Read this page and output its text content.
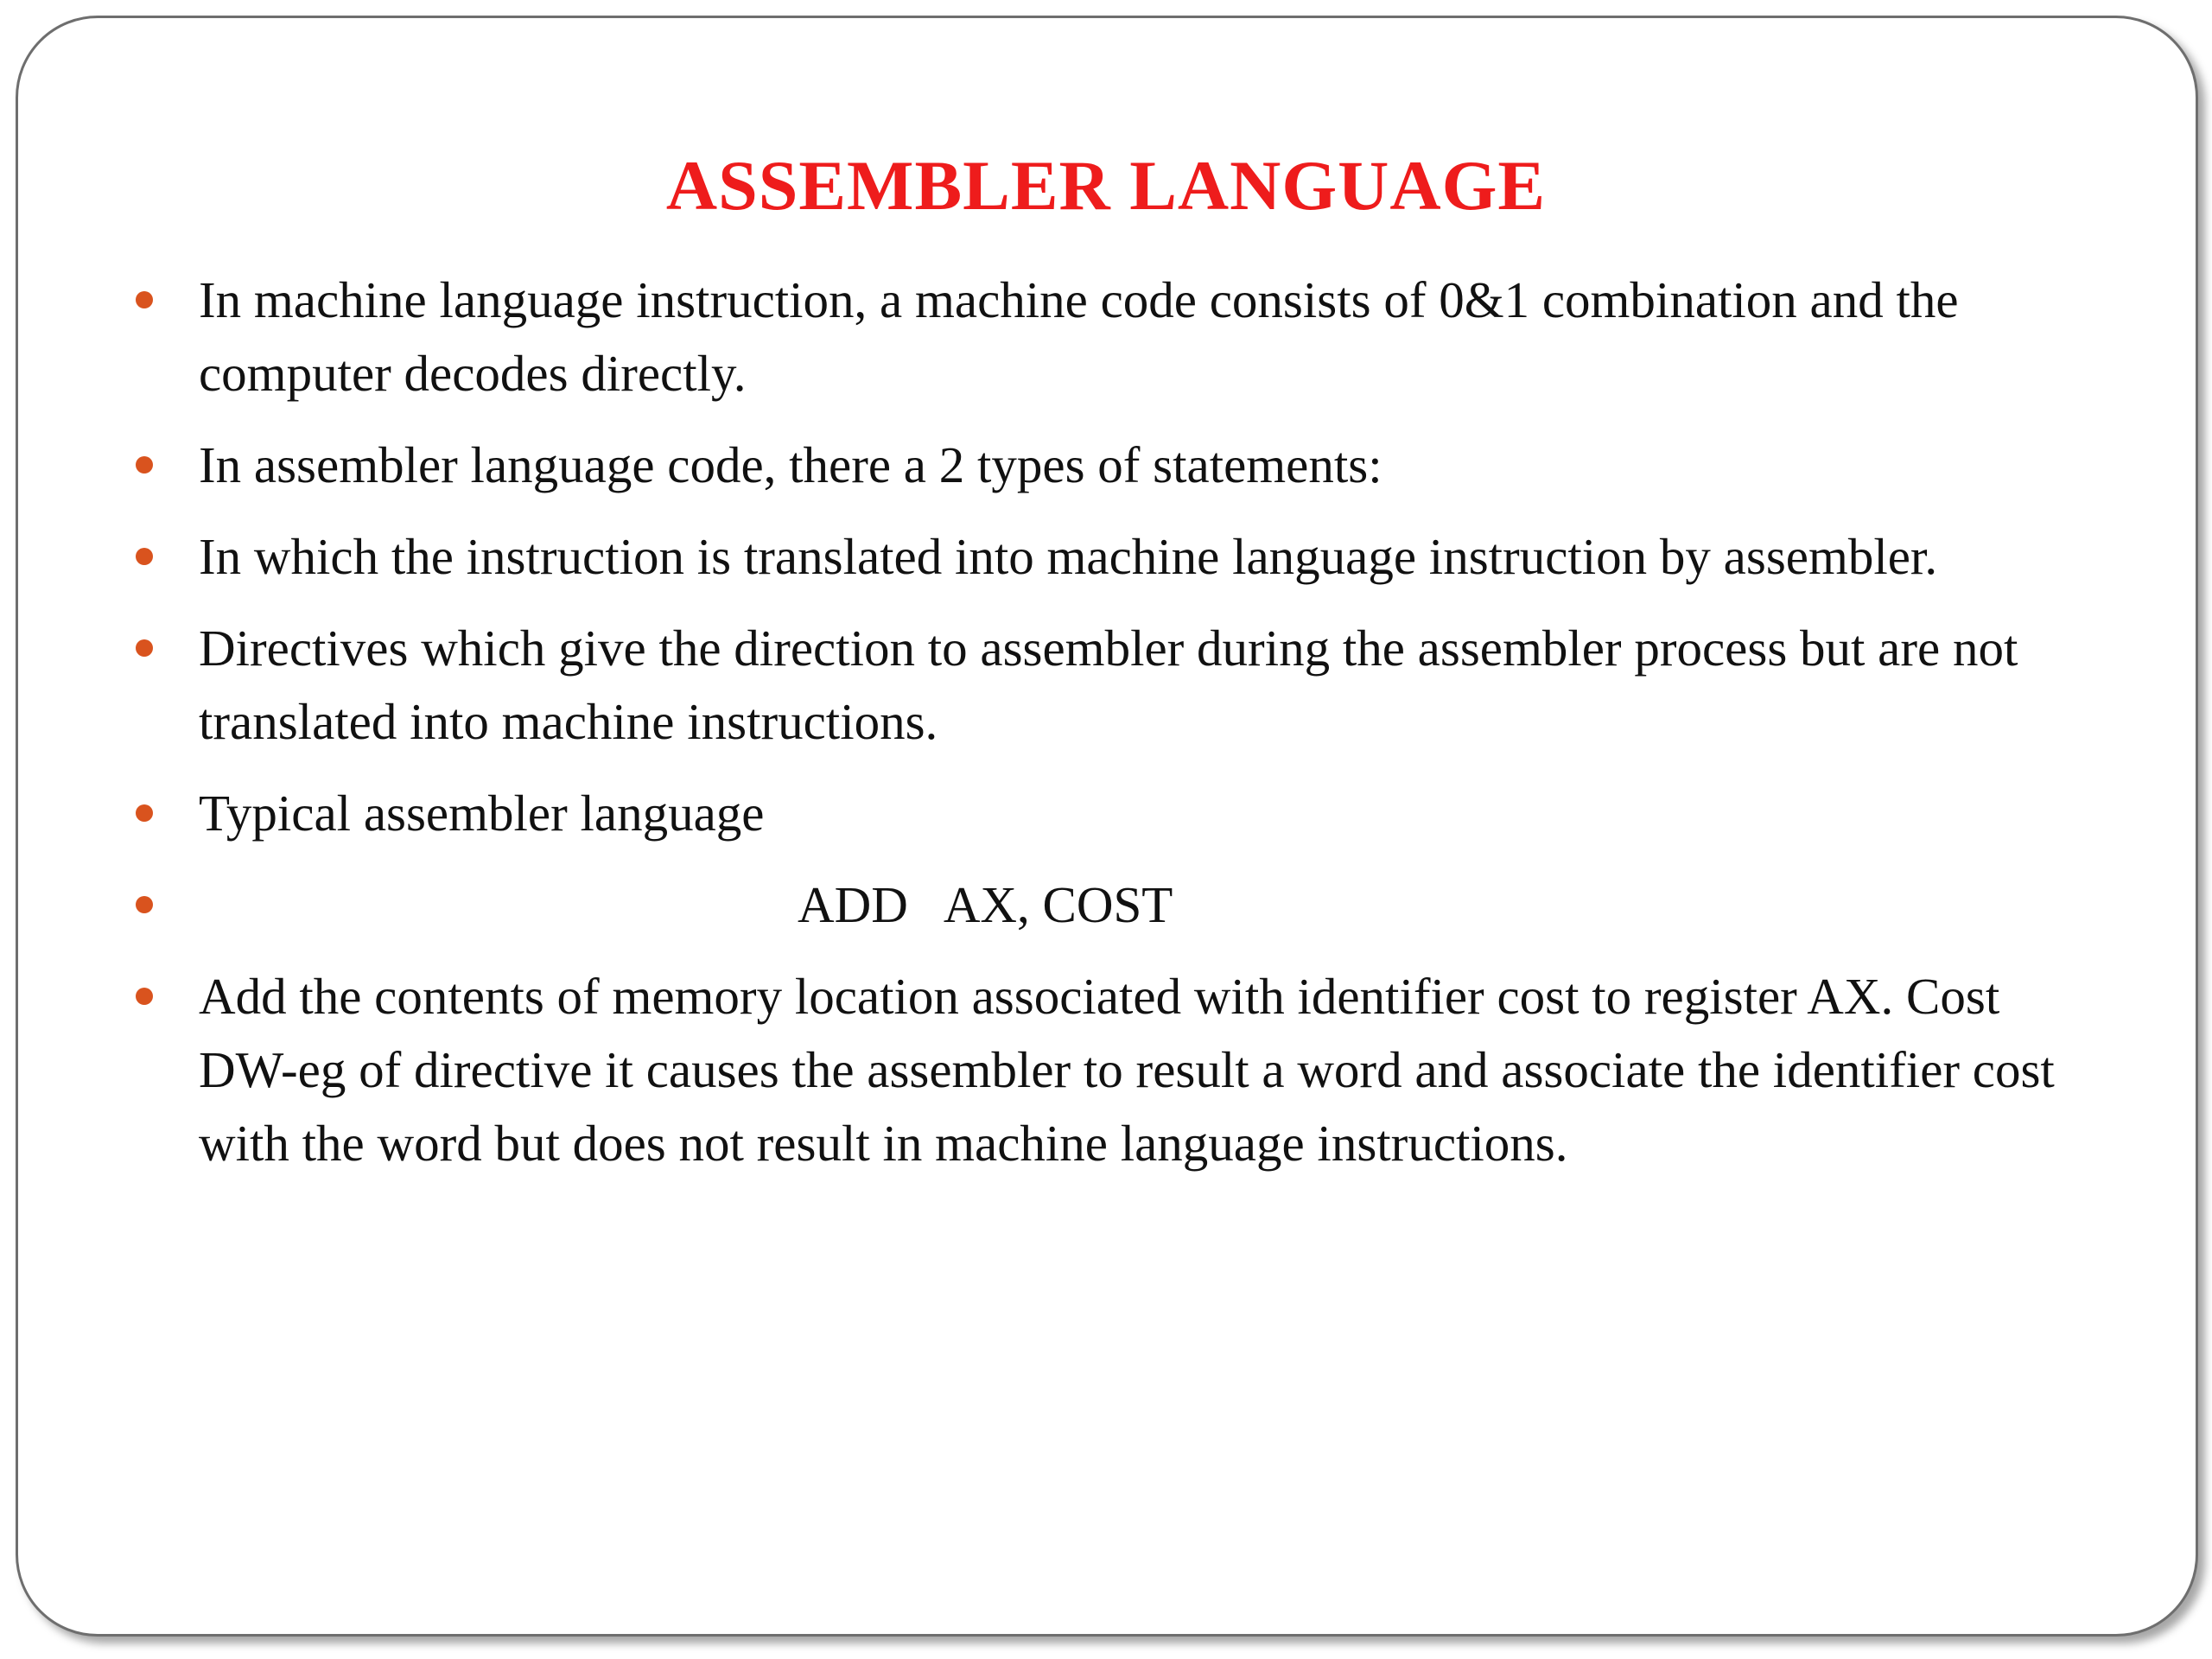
ASSEMBLER LANGUAGE
In machine language instruction, a machine code consists of 0&1 combination and the computer decodes directly.
In assembler language code, there a 2 types of statements:
In which the instruction is translated into machine language instruction by assembler.
Directives which give the direction to assembler during the assembler process but are not translated into machine instructions.
Typical assembler language
ADD   AX, COST
Add the contents of memory location associated with identifier cost to register AX. Cost DW-eg of directive it causes the assembler to result a word and associate the identifier cost with the word but does not result in machine language instructions.
